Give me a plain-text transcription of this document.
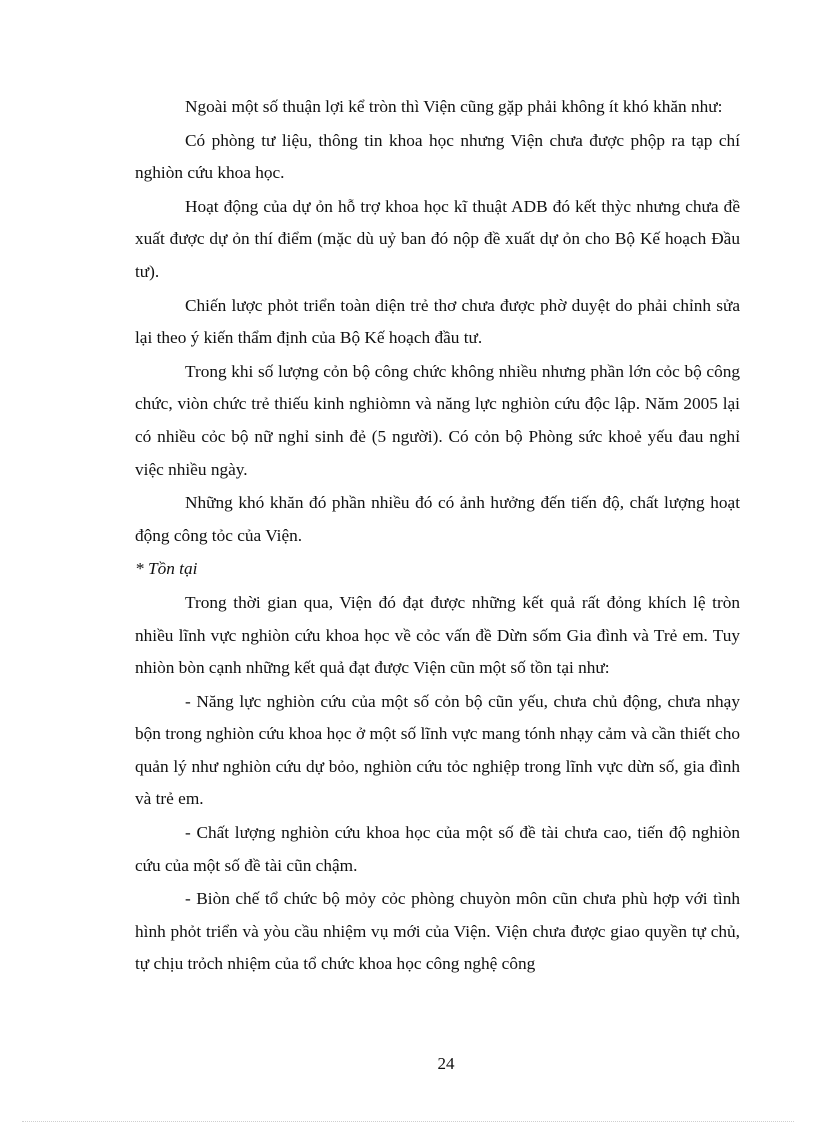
Ngoài một số thuận lợi kể tròn thì Viện cũng gặp phải không ít khó khăn như:

Có phòng tư liệu, thông tin khoa học nhưng Viện chưa được phộp ra tạp chí nghiòn cứu khoa học.

Hoạt động của dự ỏn hỗ trợ khoa học kĩ thuật ADB đó kết thỳc nhưng chưa đề xuất được dự ỏn thí điểm (mặc dù uỷ ban đó nộp đề xuất dự ỏn cho Bộ Kế hoạch Đầu tư).

Chiến lược phỏt triển toàn diện trẻ thơ chưa được phờ duyệt do phải chỉnh sửa lại theo ý kiến thẩm định của Bộ Kế hoạch đầu tư.

Trong khi số lượng cỏn bộ công chức không nhiều nhưng phần lớn cỏc bộ công chức, viòn chức trẻ thiếu kinh nghiòmn và năng lực nghiòn cứu độc lập. Năm 2005 lại có nhiều cỏc bộ nữ nghỉ sinh đẻ (5 người). Có cỏn bộ Phòng sức khoẻ yếu đau nghỉ việc nhiều ngày.

Những khó khăn đó phần nhiều đó có ảnh hưởng đến tiến độ, chất lượng hoạt động công tỏc của Viện.

* Tồn tại

Trong thời gian qua, Viện đó đạt được những kết quả rất đỏng khích lệ tròn nhiều lĩnh vực nghiòn cứu khoa học về cỏc vấn đề Dừn sốm Gia đình và Trẻ em. Tuy nhiòn bòn cạnh những kết quả đạt được Viện cũn một số tồn tại như:

- Năng lực nghiòn cứu của một số cỏn bộ cũn yếu, chưa chủ động, chưa nhạy bộn trong nghiòn cứu khoa học ở một số lĩnh vực mang tónh nhạy cảm và cần thiết cho quản lý như nghiòn cứu dự bỏo, nghiòn cứu tỏc nghiệp trong lĩnh vực dừn số, gia đình và trẻ em.

- Chất lượng nghiòn cứu khoa học của một số đề tài chưa cao, tiến độ nghiòn cứu của một số đề tài cũn chậm.

- Biòn chế tổ chức bộ mỏy cỏc phòng chuyòn môn cũn chưa phù hợp với tình hình phỏt triển và yòu cầu nhiệm vụ mới của Viện. Viện chưa được giao quyền tự chủ, tự chịu trỏch nhiệm của tổ chức khoa học công nghệ công

24
